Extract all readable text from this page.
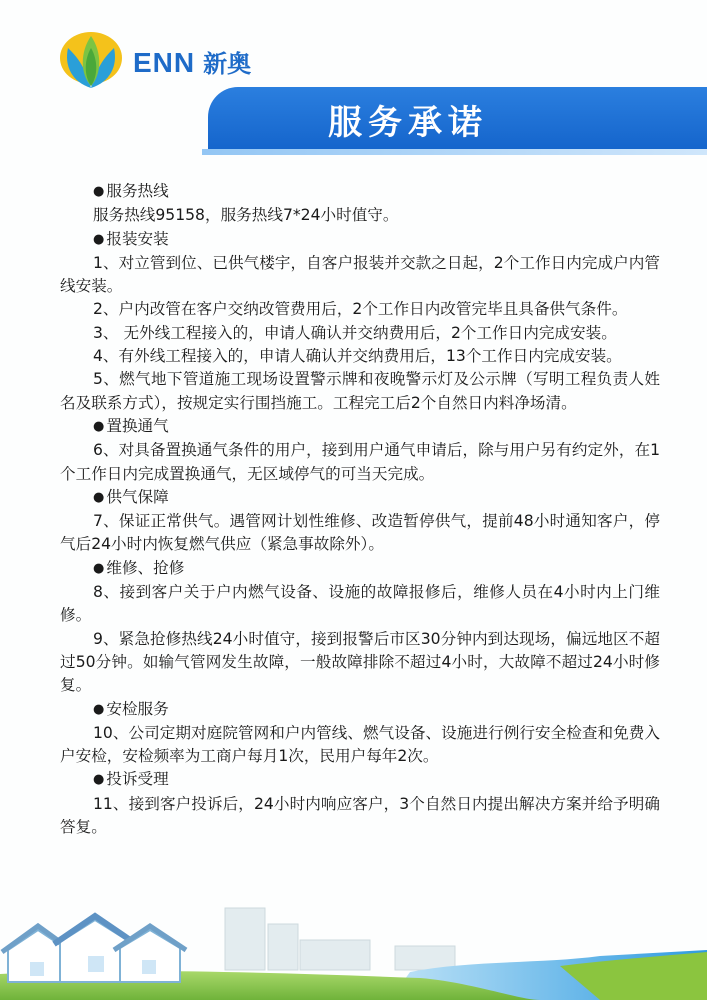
ENN 新奥
服务承诺
● 服务热线
服务热线95158，服务热线7*24小时值守。
● 报装安装
1、对立管到位、已供气楼宇，自客户报装并交款之日起，2个工作日内完成户内管线安装。
2、户内改管在客户交纳改管费用后，2个工作日内改管完毕且具备供气条件。
3、 无外线工程接入的，申请人确认并交纳费用后，2个工作日内完成安装。
4、有外线工程接入的，申请人确认并交纳费用后，13个工作日内完成安装。
5、燃气地下管道施工现场设置警示牌和夜晚警示灯及公示牌（写明工程负责人姓名及联系方式），按规定实行围挡施工。工程完工后2个自然日内料净场清。
● 置换通气
6、对具备置换通气条件的用户，接到用户通气申请后，除与用户另有约定外，在1个工作日内完成置换通气，无区域停气的可当天完成。
● 供气保障
7、保证正常供气。遇管网计划性维修、改造暂停供气，提前48小时通知客户，停气后24小时内恢复燃气供应（紧急事故除外）。
● 维修、抢修
8、接到客户关于户内燃气设备、设施的故障报修后，维修人员在4小时内上门维修。
9、紧急抢修热线24小时值守，接到报警后市区30分钟内到达现场，偏远地区不超过50分钟。如输气管网发生故障，一般故障排除不超过4小时，大故障不超过24小时修复。
● 安检服务
10、公司定期对庭院管网和户内管线、燃气设备、设施进行例行安全检查和免费入户安检，安检频率为工商户每月1次，民用户每年2次。
● 投诉受理
11、接到客户投诉后，24小时内响应客户，3个自然日内提出解决方案并给予明确答复。
